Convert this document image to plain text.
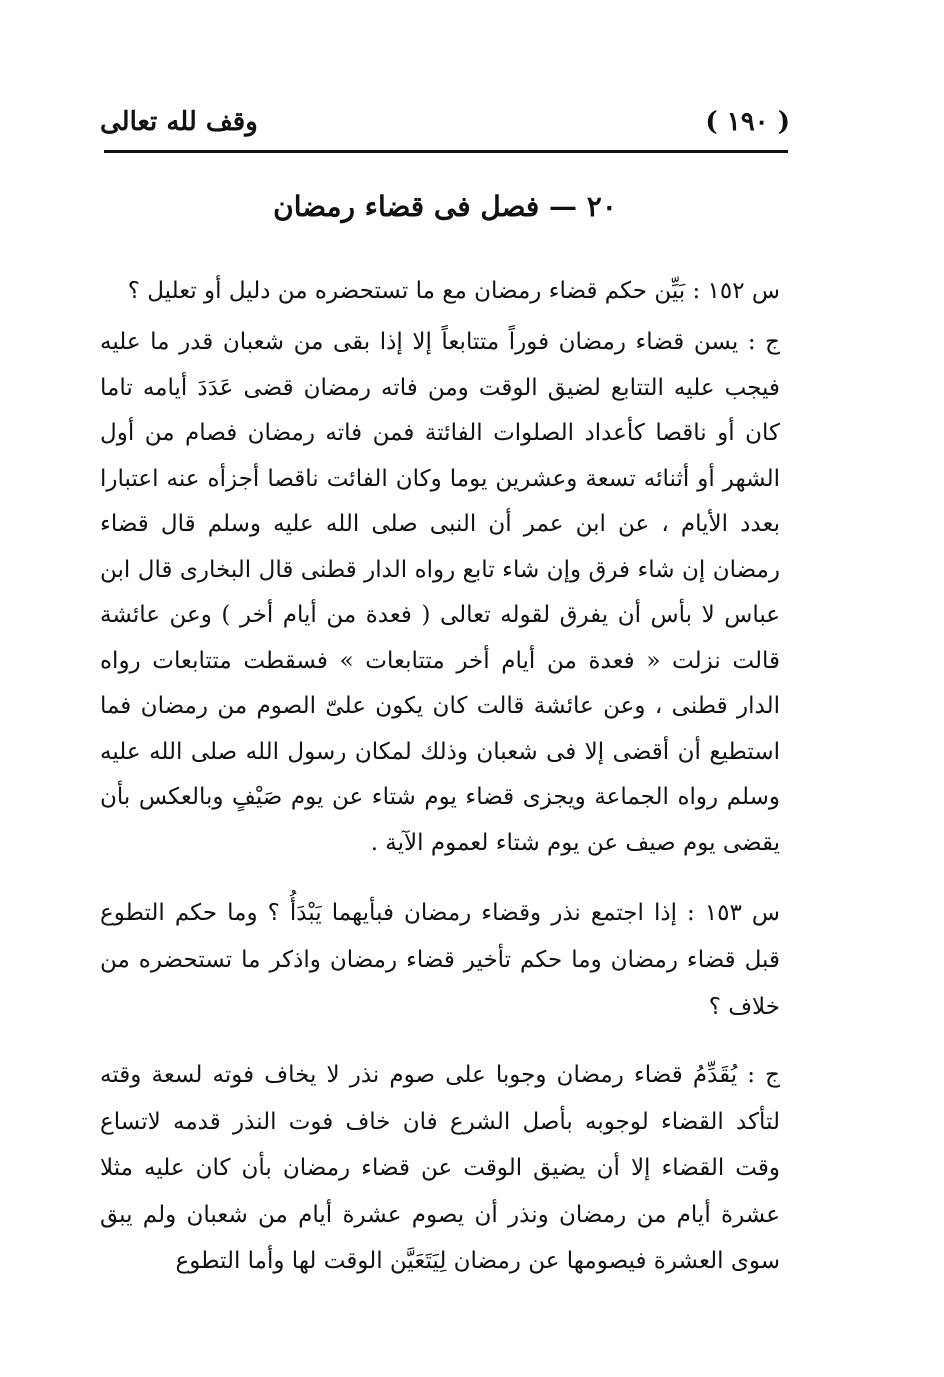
( ١٩٠ )
وقف لله تعالى
٢٠ — فصل فى قضاء رمضان

س ١٥٢ : بَيِّن حكم قضاء رمضان مع ما تستحضره من دليل أو تعليل ؟

ج : يسن قضاء رمضان فوراً متتابعاً إلا إذا بقى من شعبان قدر ما عليه فيجب عليه التتابع لضيق الوقت ومن فاته رمضان قضى عَدَدَ أيامه تاما كان أو ناقصا كأعداد الصلوات الفائتة فمن فاته رمضان فصام من أول الشهر أو أثنائه تسعة وعشرين يوما وكان الفائت ناقصا أجزأه عنه اعتبارا بعدد الأيام ، عن ابن عمر أن النبى صلى الله عليه وسلم قال قضاء رمضان إن شاء فرق وإن شاء تابع رواه الدار قطنى قال البخارى قال ابن عباس لا بأس أن يفرق لقوله تعالى ( فعدة من أيام أخر ) وعن عائشة قالت نزلت « فعدة من أيام أخر متتابعات » فسقطت متتابعات رواه الدار قطنى ، وعن عائشة قالت كان يكون علىّ الصوم من رمضان فما استطيع أن أقضى إلا فى شعبان وذلك لمكان رسول الله صلى الله عليه وسلم رواه الجماعة ويجزى قضاء يوم شتاء عن يوم صَيْفٍ وبالعكس بأن يقضى يوم صيف عن يوم شتاء لعموم الآية .

س ١٥٣ : إذا اجتمع نذر وقضاء رمضان فبأيهما يَبْدَأُ ؟ وما حكم التطوع قبل قضاء رمضان وما حكم تأخير قضاء رمضان واذكر ما تستحضره من خلاف ؟

ج : يُقَدِّمُ قضاء رمضان وجوبا على صوم نذر لا يخاف فوته لسعة وقته لتأكد القضاء لوجوبه بأصل الشرع فان خاف فوت النذر قدمه لاتساع وقت القضاء إلا أن يضيق الوقت عن قضاء رمضان بأن كان عليه مثلا عشرة أيام من رمضان ونذر أن يصوم عشرة أيام من شعبان ولم يبق سوى العشرة فيصومها عن رمضان لِيَتَعَيَّن الوقت لها وأما التطوع
